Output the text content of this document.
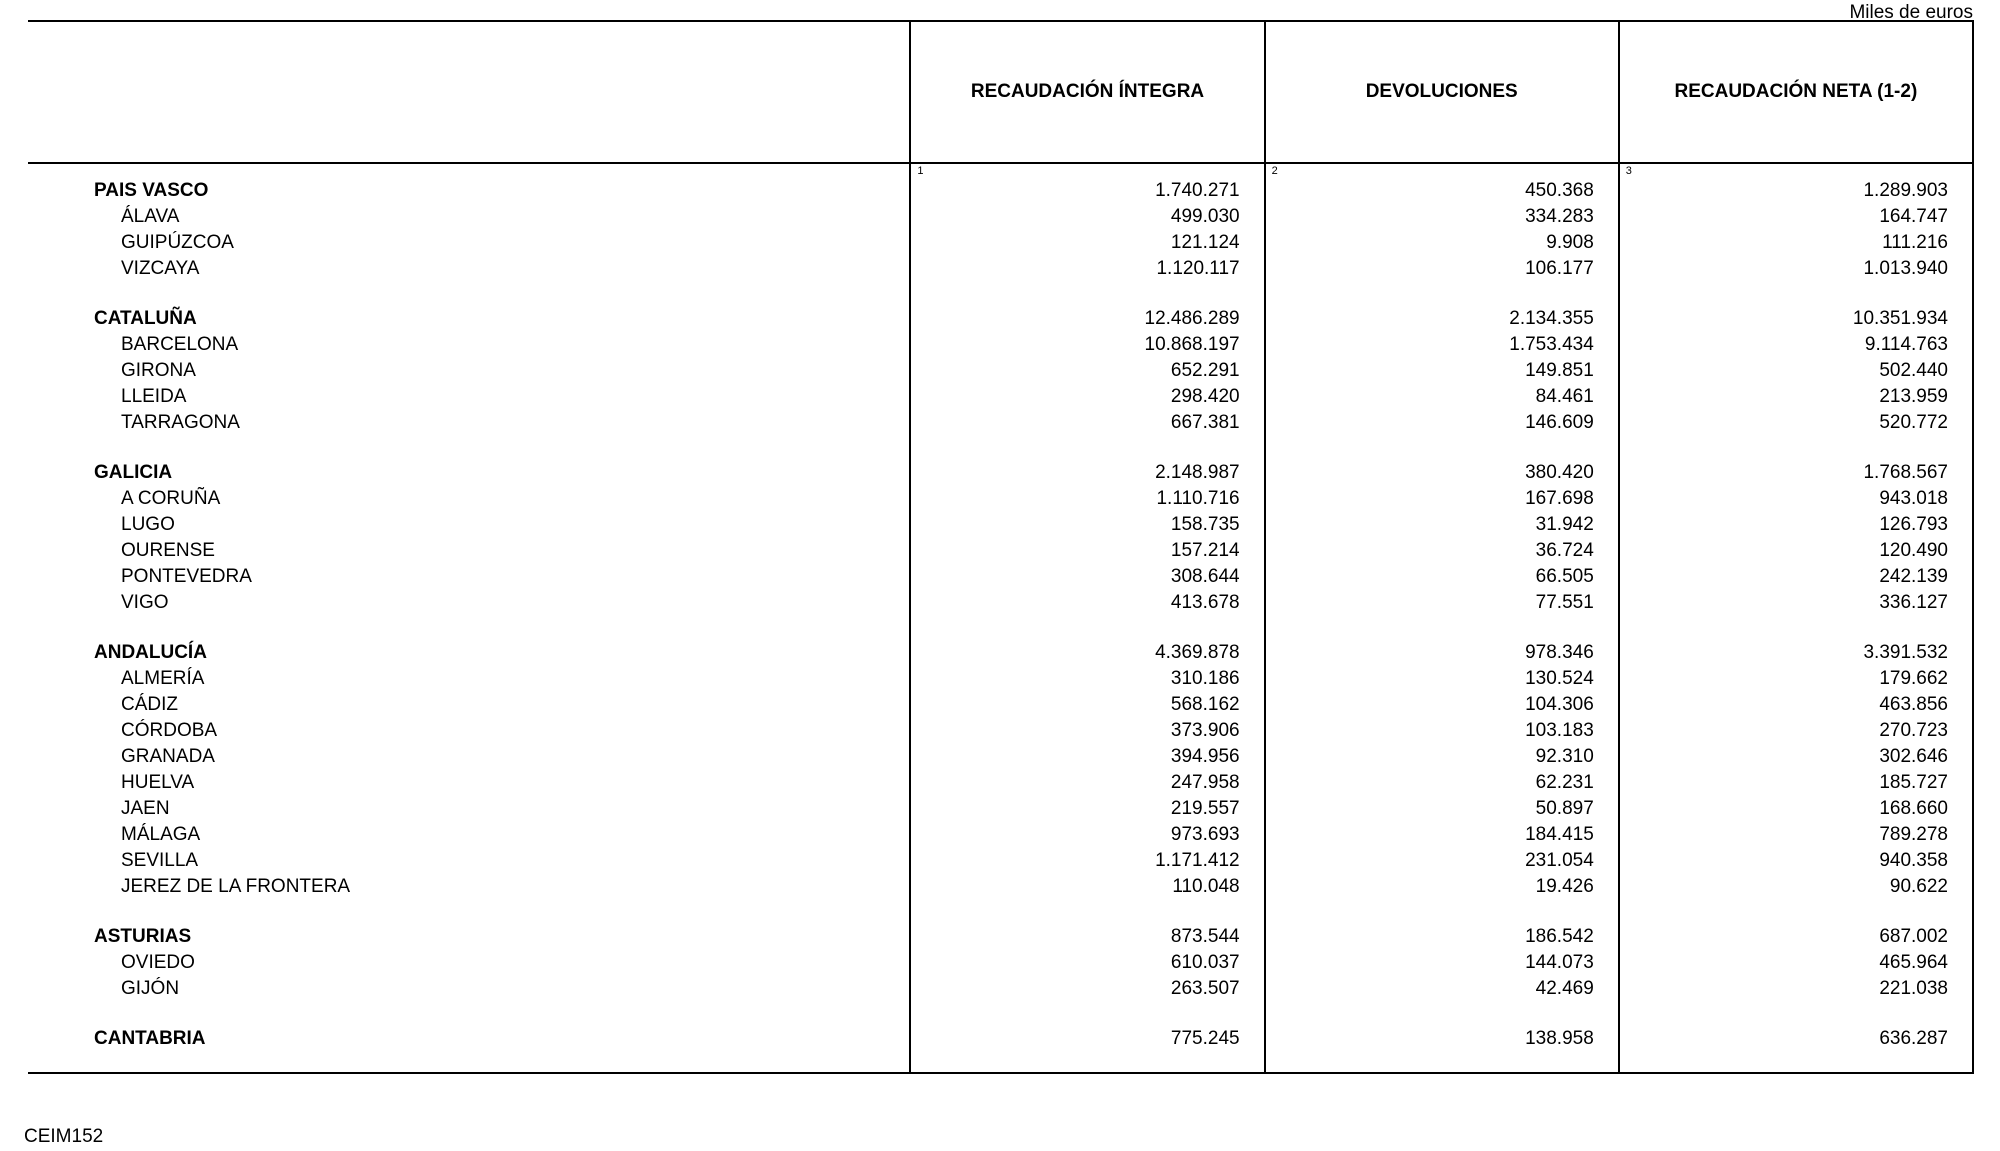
Miles de euros
	RECAUDACIÓN ÍNTEGRA	DEVOLUCIONES	RECAUDACIÓN NETA (1-2)
	1	2	3
PAIS VASCO	1.740.271	450.368	1.289.903
ÁLAVA	499.030	334.283	164.747
GUIPÚZCOA	121.124	9.908	111.216
VIZCAYA	1.120.117	106.177	1.013.940

CATALUÑA	12.486.289	2.134.355	10.351.934
BARCELONA	10.868.197	1.753.434	9.114.763
GIRONA	652.291	149.851	502.440
LLEIDA	298.420	84.461	213.959
TARRAGONA	667.381	146.609	520.772

GALICIA	2.148.987	380.420	1.768.567
A CORUÑA	1.110.716	167.698	943.018
LUGO	158.735	31.942	126.793
OURENSE	157.214	36.724	120.490
PONTEVEDRA	308.644	66.505	242.139
VIGO	413.678	77.551	336.127

ANDALUCÍA	4.369.878	978.346	3.391.532
ALMERÍA	310.186	130.524	179.662
CÁDIZ	568.162	104.306	463.856
CÓRDOBA	373.906	103.183	270.723
GRANADA	394.956	92.310	302.646
HUELVA	247.958	62.231	185.727
JAEN	219.557	50.897	168.660
MÁLAGA	973.693	184.415	789.278
SEVILLA	1.171.412	231.054	940.358
JEREZ DE LA FRONTERA	110.048	19.426	90.622

ASTURIAS	873.544	186.542	687.002
OVIEDO	610.037	144.073	465.964
GIJÓN	263.507	42.469	221.038

CANTABRIA	775.245	138.958	636.287

CEIM152
